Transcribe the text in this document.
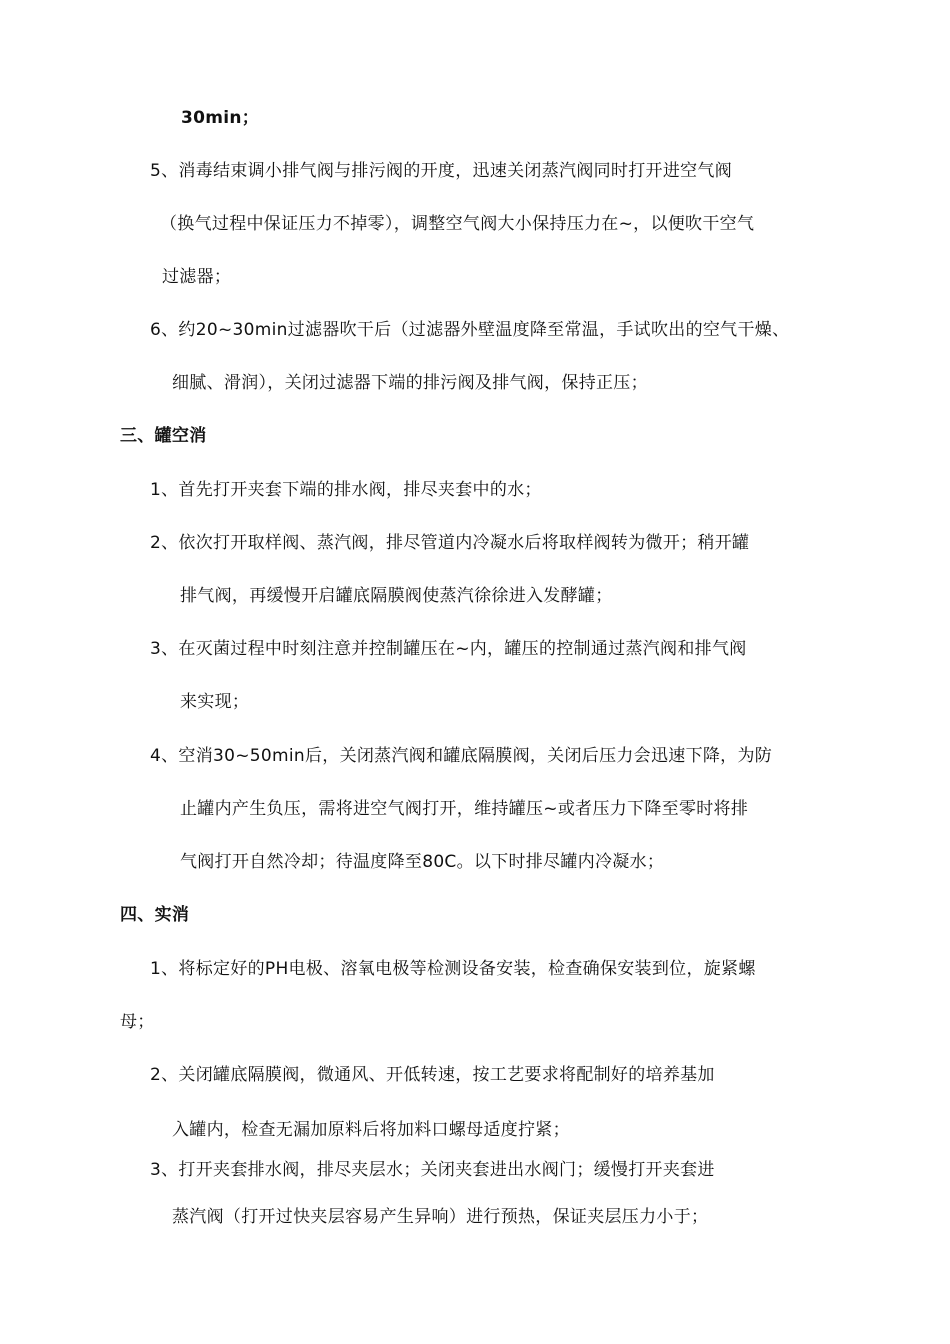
30min；
5、消毒结束调小排气阀与排污阀的开度，迅速关闭蒸汽阀同时打开进空气阀
（换气过程中保证压力不掉零），调整空气阀大小保持压力在~，以便吹干空气
过滤器；
6、约20~30min过滤器吹干后（过滤器外壁温度降至常温，手试吹出的空气干燥、
细腻、滑润），关闭过滤器下端的排污阀及排气阀，保持正压；
三、罐空消
1、首先打开夹套下端的排水阀，排尽夹套中的水；
2、依次打开取样阀、蒸汽阀，排尽管道内冷凝水后将取样阀转为微开；稍开罐
排气阀，再缓慢开启罐底隔膜阀使蒸汽徐徐进入发酵罐；
3、在灭菌过程中时刻注意并控制罐压在~内，罐压的控制通过蒸汽阀和排气阀
来实现；
4、空消30~50min后，关闭蒸汽阀和罐底隔膜阀，关闭后压力会迅速下降，为防
止罐内产生负压，需将进空气阀打开，维持罐压~或者压力下降至零时将排
气阀打开自然冷却；待温度降至80C。以下时排尽罐内冷凝水；
四、实消
1、将标定好的PH电极、溶氧电极等检测设备安装，检查确保安装到位，旋紧螺
母；
2、关闭罐底隔膜阀，微通风、开低转速，按工艺要求将配制好的培养基加
入罐内，检查无漏加原料后将加料口螺母适度拧紧；
3、打开夹套排水阀，排尽夹层水；关闭夹套进出水阀门；缓慢打开夹套进
蒸汽阀（打开过快夹层容易产生异响）进行预热，保证夹层压力小于；
